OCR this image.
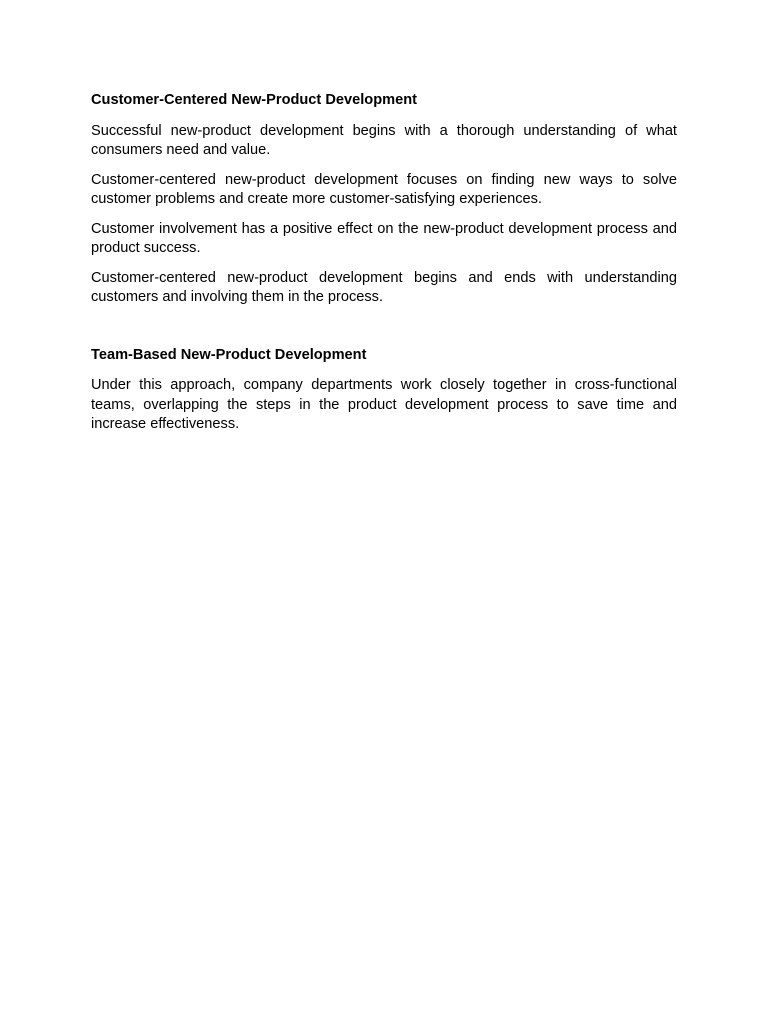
Customer-Centered New-Product Development

Successful new-product development begins with a thorough understanding of what consumers need and value.

Customer-centered new-product development focuses on finding new ways to solve customer problems and create more customer-satisfying experiences.

Customer involvement has a positive effect on the new-product development process and product success.

Customer-centered new-product development begins and ends with understanding customers and involving them in the process.

Team-Based New-Product Development

Under this approach, company departments work closely together in cross-functional teams, overlapping the steps in the product development process to save time and increase effectiveness.
